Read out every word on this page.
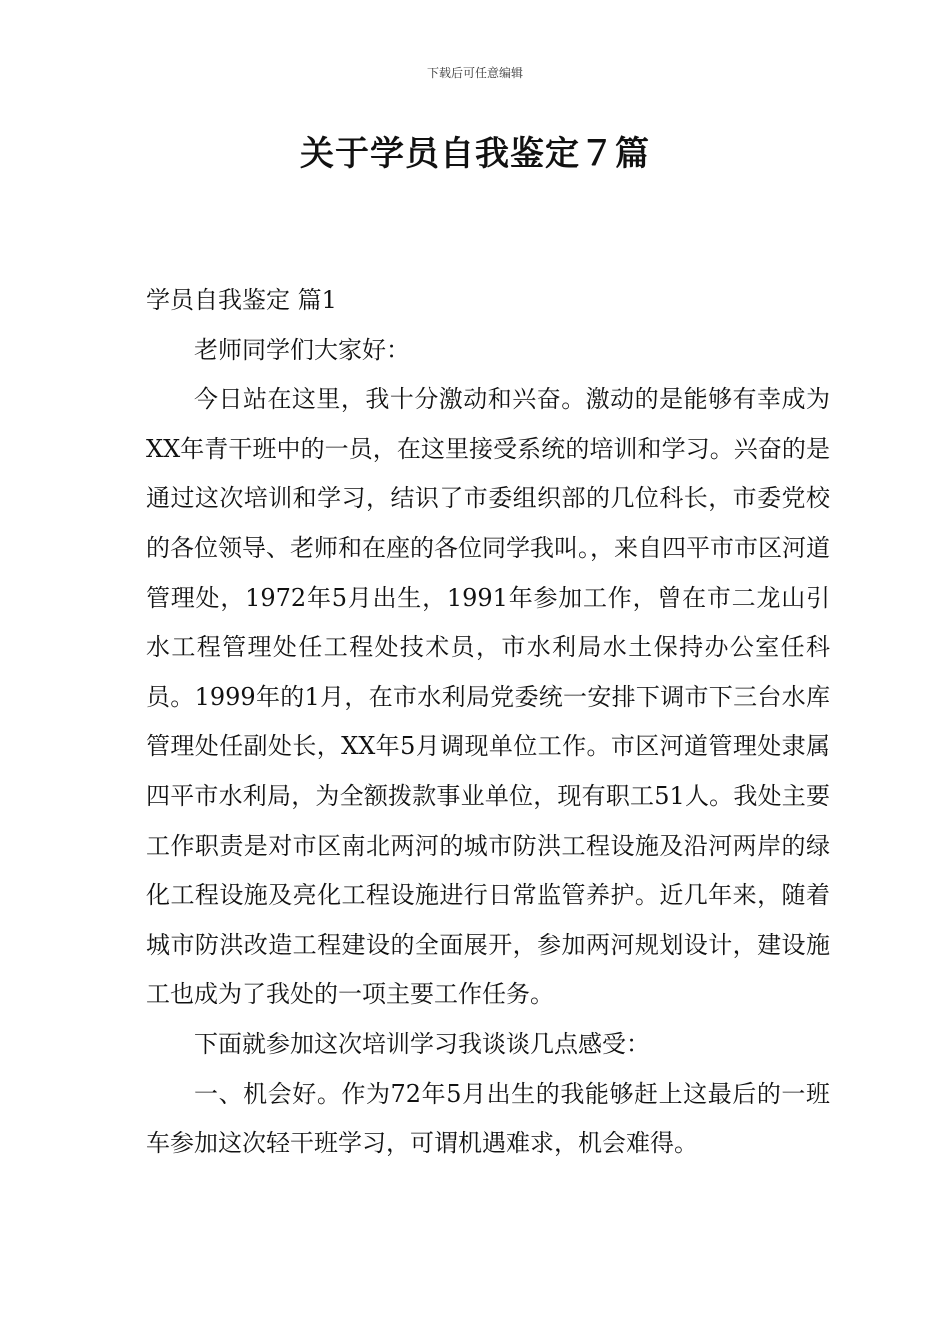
下载后可任意编辑
关于学员自我鉴定７篇

学员自我鉴定 篇1

老师同学们大家好：

今日站在这里，我十分激动和兴奋。激动的是能够有幸成为XX年青干班中的一员，在这里接受系统的培训和学习。兴奋的是通过这次培训和学习，结识了市委组织部的几位科长，市委党校的各位领导、老师和在座的各位同学我叫。，来自四平市市区河道管理处，1972年5月出生，1991年参加工作，曾在市二龙山引水工程管理处任工程处技术员，市水利局水土保持办公室任科员。1999年的1月，在市水利局党委统一安排下调市下三台水库管理处任副处长，XX年5月调现单位工作。市区河道管理处隶属四平市水利局，为全额拨款事业单位，现有职工51人。我处主要工作职责是对市区南北两河的城市防洪工程设施及沿河两岸的绿化工程设施及亮化工程设施进行日常监管养护。近几年来，随着城市防洪改造工程建设的全面展开，参加两河规划设计，建设施工也成为了我处的一项主要工作任务。

下面就参加这次培训学习我谈谈几点感受：

一、机会好。作为72年5月出生的我能够赶上这最后的一班车参加这次轻干班学习，可谓机遇难求，机会难得。
